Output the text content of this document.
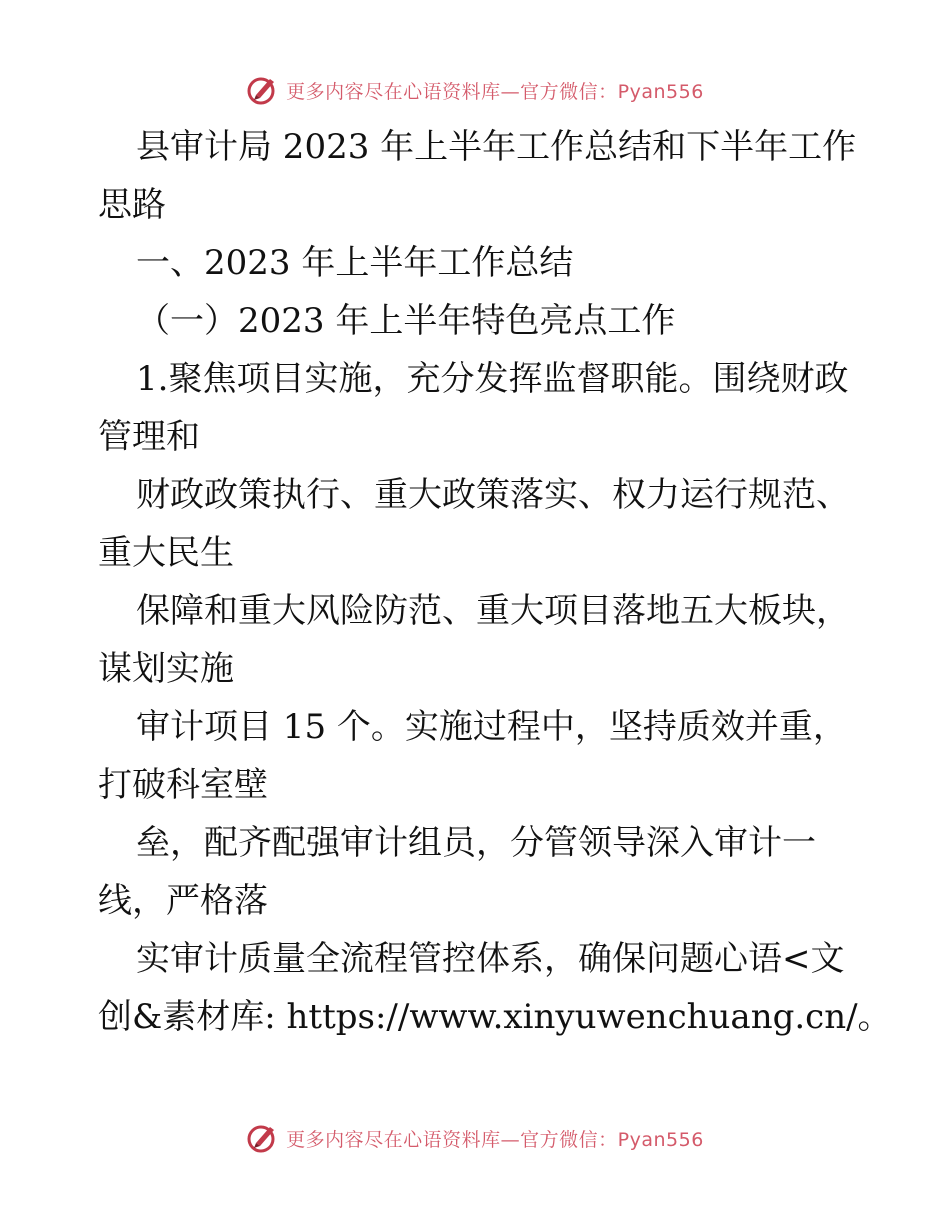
更多内容尽在心语资料库—官方微信：Pyan556
县审计局 2023 年上半年工作总结和下半年工作
思路
一、2023 年上半年工作总结
（一）2023 年上半年特色亮点工作
1.聚焦项目实施，充分发挥监督职能。围绕财政
管理和
财政政策执行、重大政策落实、权力运行规范、
重大民生
保障和重大风险防范、重大项目落地五大板块，
谋划实施
审计项目 15 个。实施过程中，坚持质效并重，
打破科室壁
垒，配齐配强审计组员，分管领导深入审计一
线，严格落
实审计质量全流程管控体系，确保问题心语<文
创&素材库: https://www.xinyuwenchuang.cn/。
更多内容尽在心语资料库—官方微信：Pyan556
